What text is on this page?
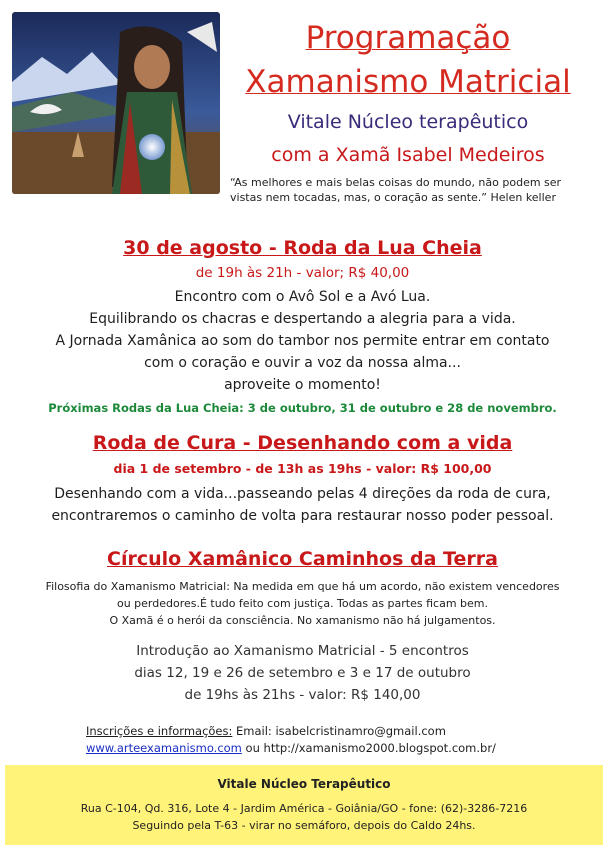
Programação
Xamanismo Matricial
Vitale Núcleo terapêutico
com a Xamã Isabel Medeiros
“As melhores e mais belas coisas do mundo, não podem ser
vistas nem tocadas, mas, o coração as sente.” Helen keller
30 de agosto - Roda da Lua Cheia
de 19h às 21h - valor; R$ 40,00
Encontro com o Avô Sol e a Avó Lua.
Equilibrando os chacras e despertando a alegria para a vida.
A Jornada Xamânica ao som do tambor nos permite entrar em contato
com o coração e ouvir a voz da nossa alma...
aproveite o momento!
Próximas Rodas da Lua Cheia: 3 de outubro, 31 de outubro e 28 de novembro.
Roda de Cura - Desenhando com a vida
dia 1 de setembro - de 13h as 19hs - valor: R$ 100,00
Desenhando com a vida...passeando pelas 4 direções da roda de cura,
encontraremos o caminho de volta para restaurar nosso poder pessoal.
Círculo Xamânico Caminhos da Terra
Filosofia do Xamanismo Matricial: Na medida em que há um acordo, não existem vencedores
ou perdedores.É tudo feito com justiça. Todas as partes ficam bem.
O Xamã é o herói da consciência. No xamanismo não há julgamentos.
Introdução ao Xamanismo Matricial - 5 encontros
dias 12, 19 e 26 de setembro e 3 e 17 de outubro
de 19hs às 21hs - valor: R$ 140,00
Inscrições e informações: Email: isabelcristinamro@gmail.com
www.arteexamanismo.com ou http://xamanismo2000.blogspot.com.br/
Vitale Núcleo Terapêutico
Rua C-104, Qd. 316, Lote 4 - Jardim América - Goiânia/GO - fone: (62)-3286-7216
Seguindo pela T-63 - virar no semáforo, depois do Caldo 24hs.
